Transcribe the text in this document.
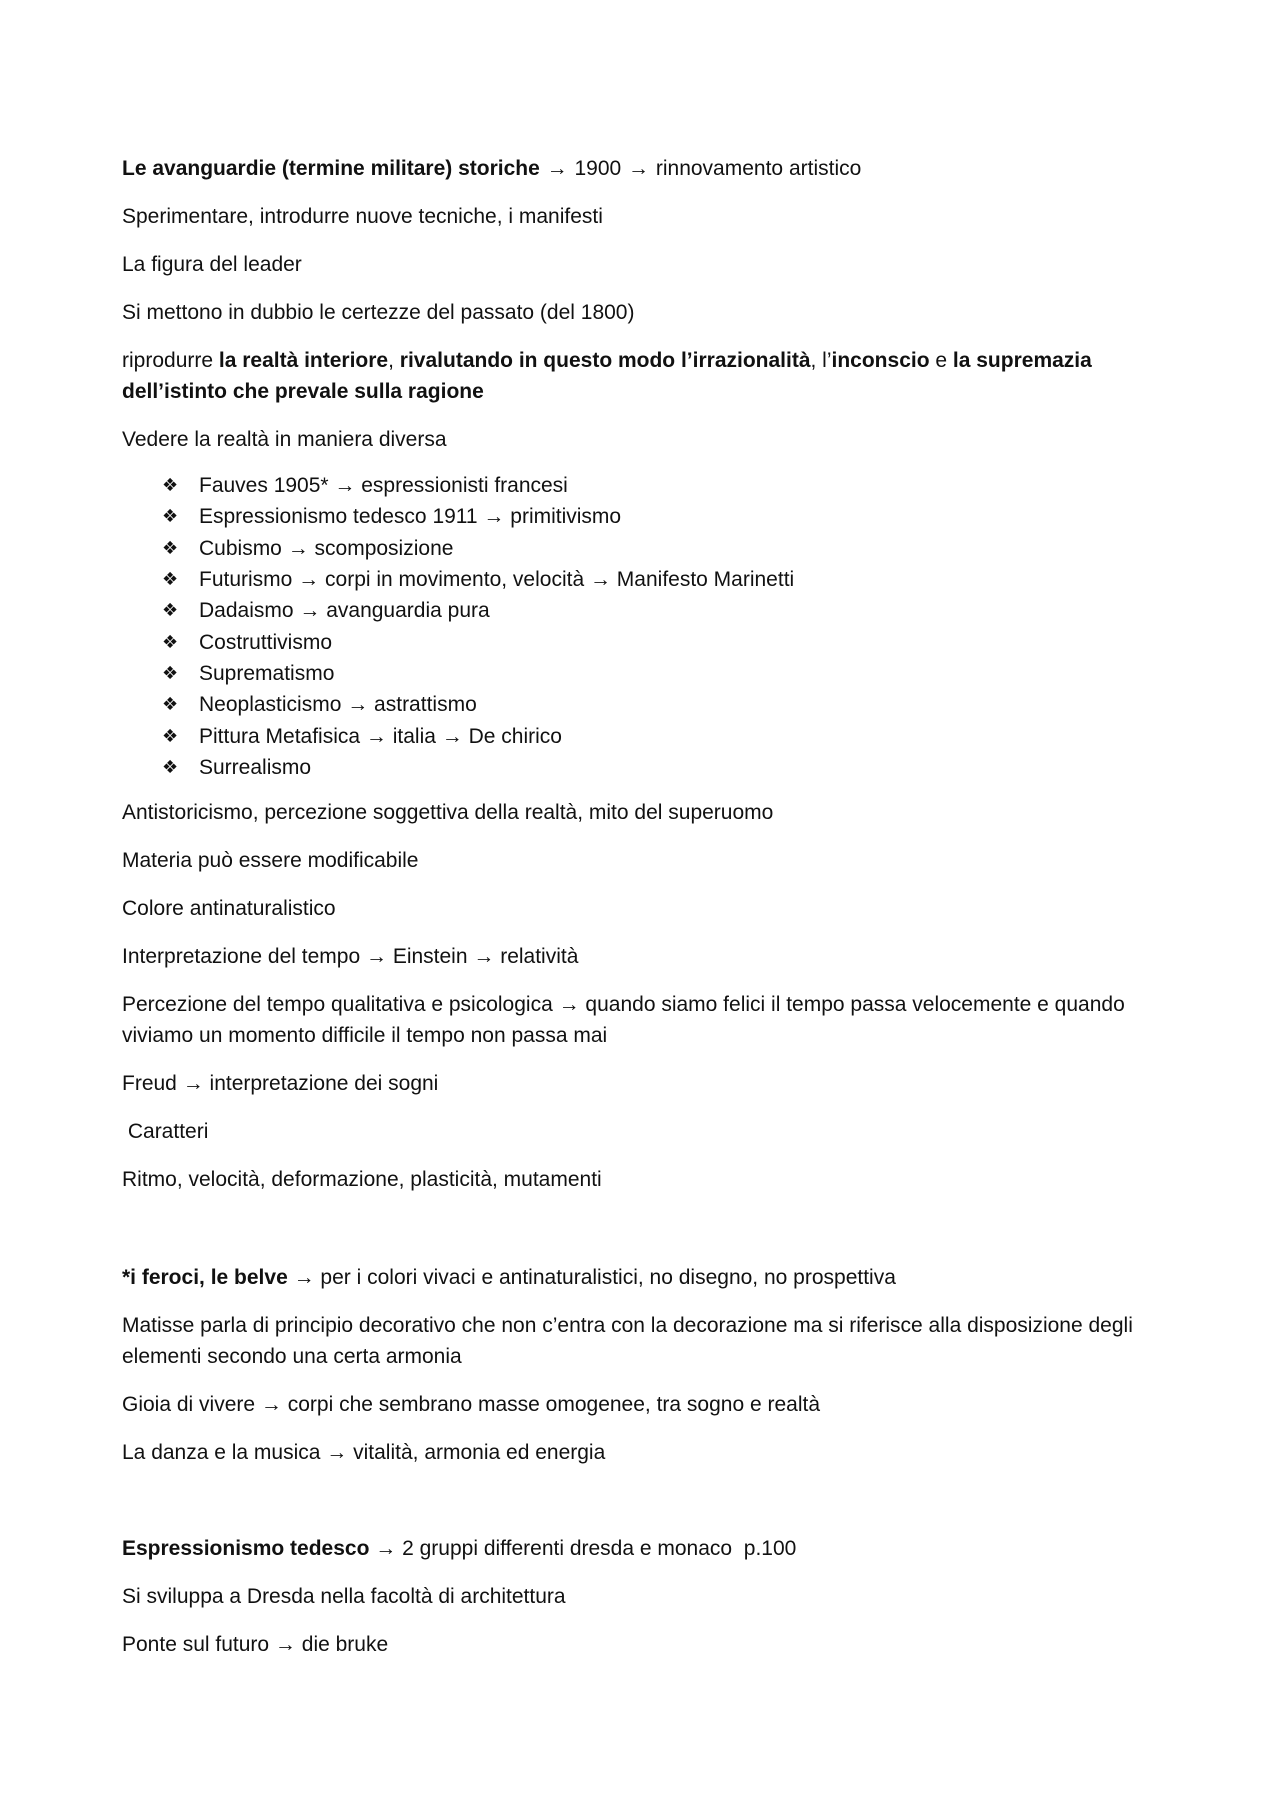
Le avanguardie (termine militare) storiche → 1900 → rinnovamento artistico

Sperimentare, introdurre nuove tecniche, i manifesti

La figura del leader

Si mettono in dubbio le certezze del passato (del 1800)

riprodurre la realtà interiore, rivalutando in questo modo l’irrazionalità, l’inconscio e la supremazia dell’istinto che prevale sulla ragione

Vedere la realtà in maniera diversa

❖ Fauves 1905* → espressionisti francesi
❖ Espressionismo tedesco 1911 → primitivismo
❖ Cubismo → scomposizione
❖ Futurismo → corpi in movimento, velocità → Manifesto Marinetti
❖ Dadaismo → avanguardia pura
❖ Costruttivismo
❖ Suprematismo
❖ Neoplasticismo → astrattismo
❖ Pittura Metafisica → italia → De chirico
❖ Surrealismo

Antistoricismo, percezione soggettiva della realtà, mito del superuomo

Materia può essere modificabile

Colore antinaturalistico

Interpretazione del tempo → Einstein → relatività

Percezione del tempo qualitativa e psicologica → quando siamo felici il tempo passa velocemente e quando viviamo un momento difficile il tempo non passa mai

Freud → interpretazione dei sogni

Caratteri

Ritmo, velocità, deformazione, plasticità, mutamenti

*i feroci, le belve → per i colori vivaci e antinaturalistici, no disegno, no prospettiva

Matisse parla di principio decorativo che non c’entra con la decorazione ma si riferisce alla disposizione degli elementi secondo una certa armonia

Gioia di vivere → corpi che sembrano masse omogenee, tra sogno e realtà

La danza e la musica → vitalità, armonia ed energia

Espressionismo tedesco → 2 gruppi differenti dresda e monaco  p.100

Si sviluppa a Dresda nella facoltà di architettura

Ponte sul futuro → die bruke
